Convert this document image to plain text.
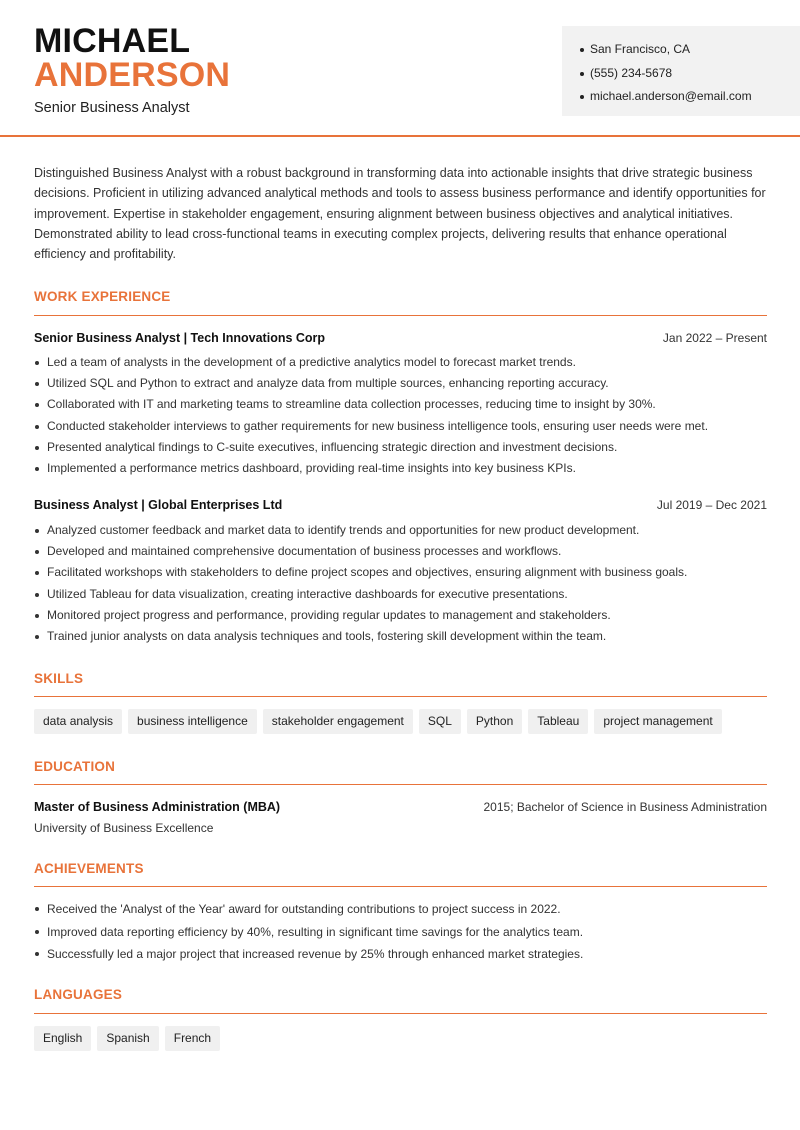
MICHAEL
ANDERSON
Senior Business Analyst
San Francisco, CA
(555) 234-5678
michael.anderson@email.com

Distinguished Business Analyst with a robust background in transforming data into actionable insights that drive strategic business decisions. Proficient in utilizing advanced analytical methods and tools to assess business performance and identify opportunities for improvement. Expertise in stakeholder engagement, ensuring alignment between business objectives and analytical initiatives. Demonstrated ability to lead cross-functional teams in executing complex projects, delivering results that enhance operational efficiency and profitability.

WORK EXPERIENCE
Senior Business Analyst | Tech Innovations Corp	Jan 2022 – Present
Led a team of analysts in the development of a predictive analytics model to forecast market trends.
Utilized SQL and Python to extract and analyze data from multiple sources, enhancing reporting accuracy.
Collaborated with IT and marketing teams to streamline data collection processes, reducing time to insight by 30%.
Conducted stakeholder interviews to gather requirements for new business intelligence tools, ensuring user needs were met.
Presented analytical findings to C-suite executives, influencing strategic direction and investment decisions.
Implemented a performance metrics dashboard, providing real-time insights into key business KPIs.
Business Analyst | Global Enterprises Ltd	Jul 2019 – Dec 2021
Analyzed customer feedback and market data to identify trends and opportunities for new product development.
Developed and maintained comprehensive documentation of business processes and workflows.
Facilitated workshops with stakeholders to define project scopes and objectives, ensuring alignment with business goals.
Utilized Tableau for data visualization, creating interactive dashboards for executive presentations.
Monitored project progress and performance, providing regular updates to management and stakeholders.
Trained junior analysts on data analysis techniques and tools, fostering skill development within the team.
SKILLS
data analysis	business intelligence	stakeholder engagement	SQL	Python	Tableau	project management
EDUCATION
Master of Business Administration (MBA)	2015; Bachelor of Science in Business Administration
University of Business Excellence
ACHIEVEMENTS
Received the 'Analyst of the Year' award for outstanding contributions to project success in 2022.
Improved data reporting efficiency by 40%, resulting in significant time savings for the analytics team.
Successfully led a major project that increased revenue by 25% through enhanced market strategies.
LANGUAGES
English	Spanish	French
